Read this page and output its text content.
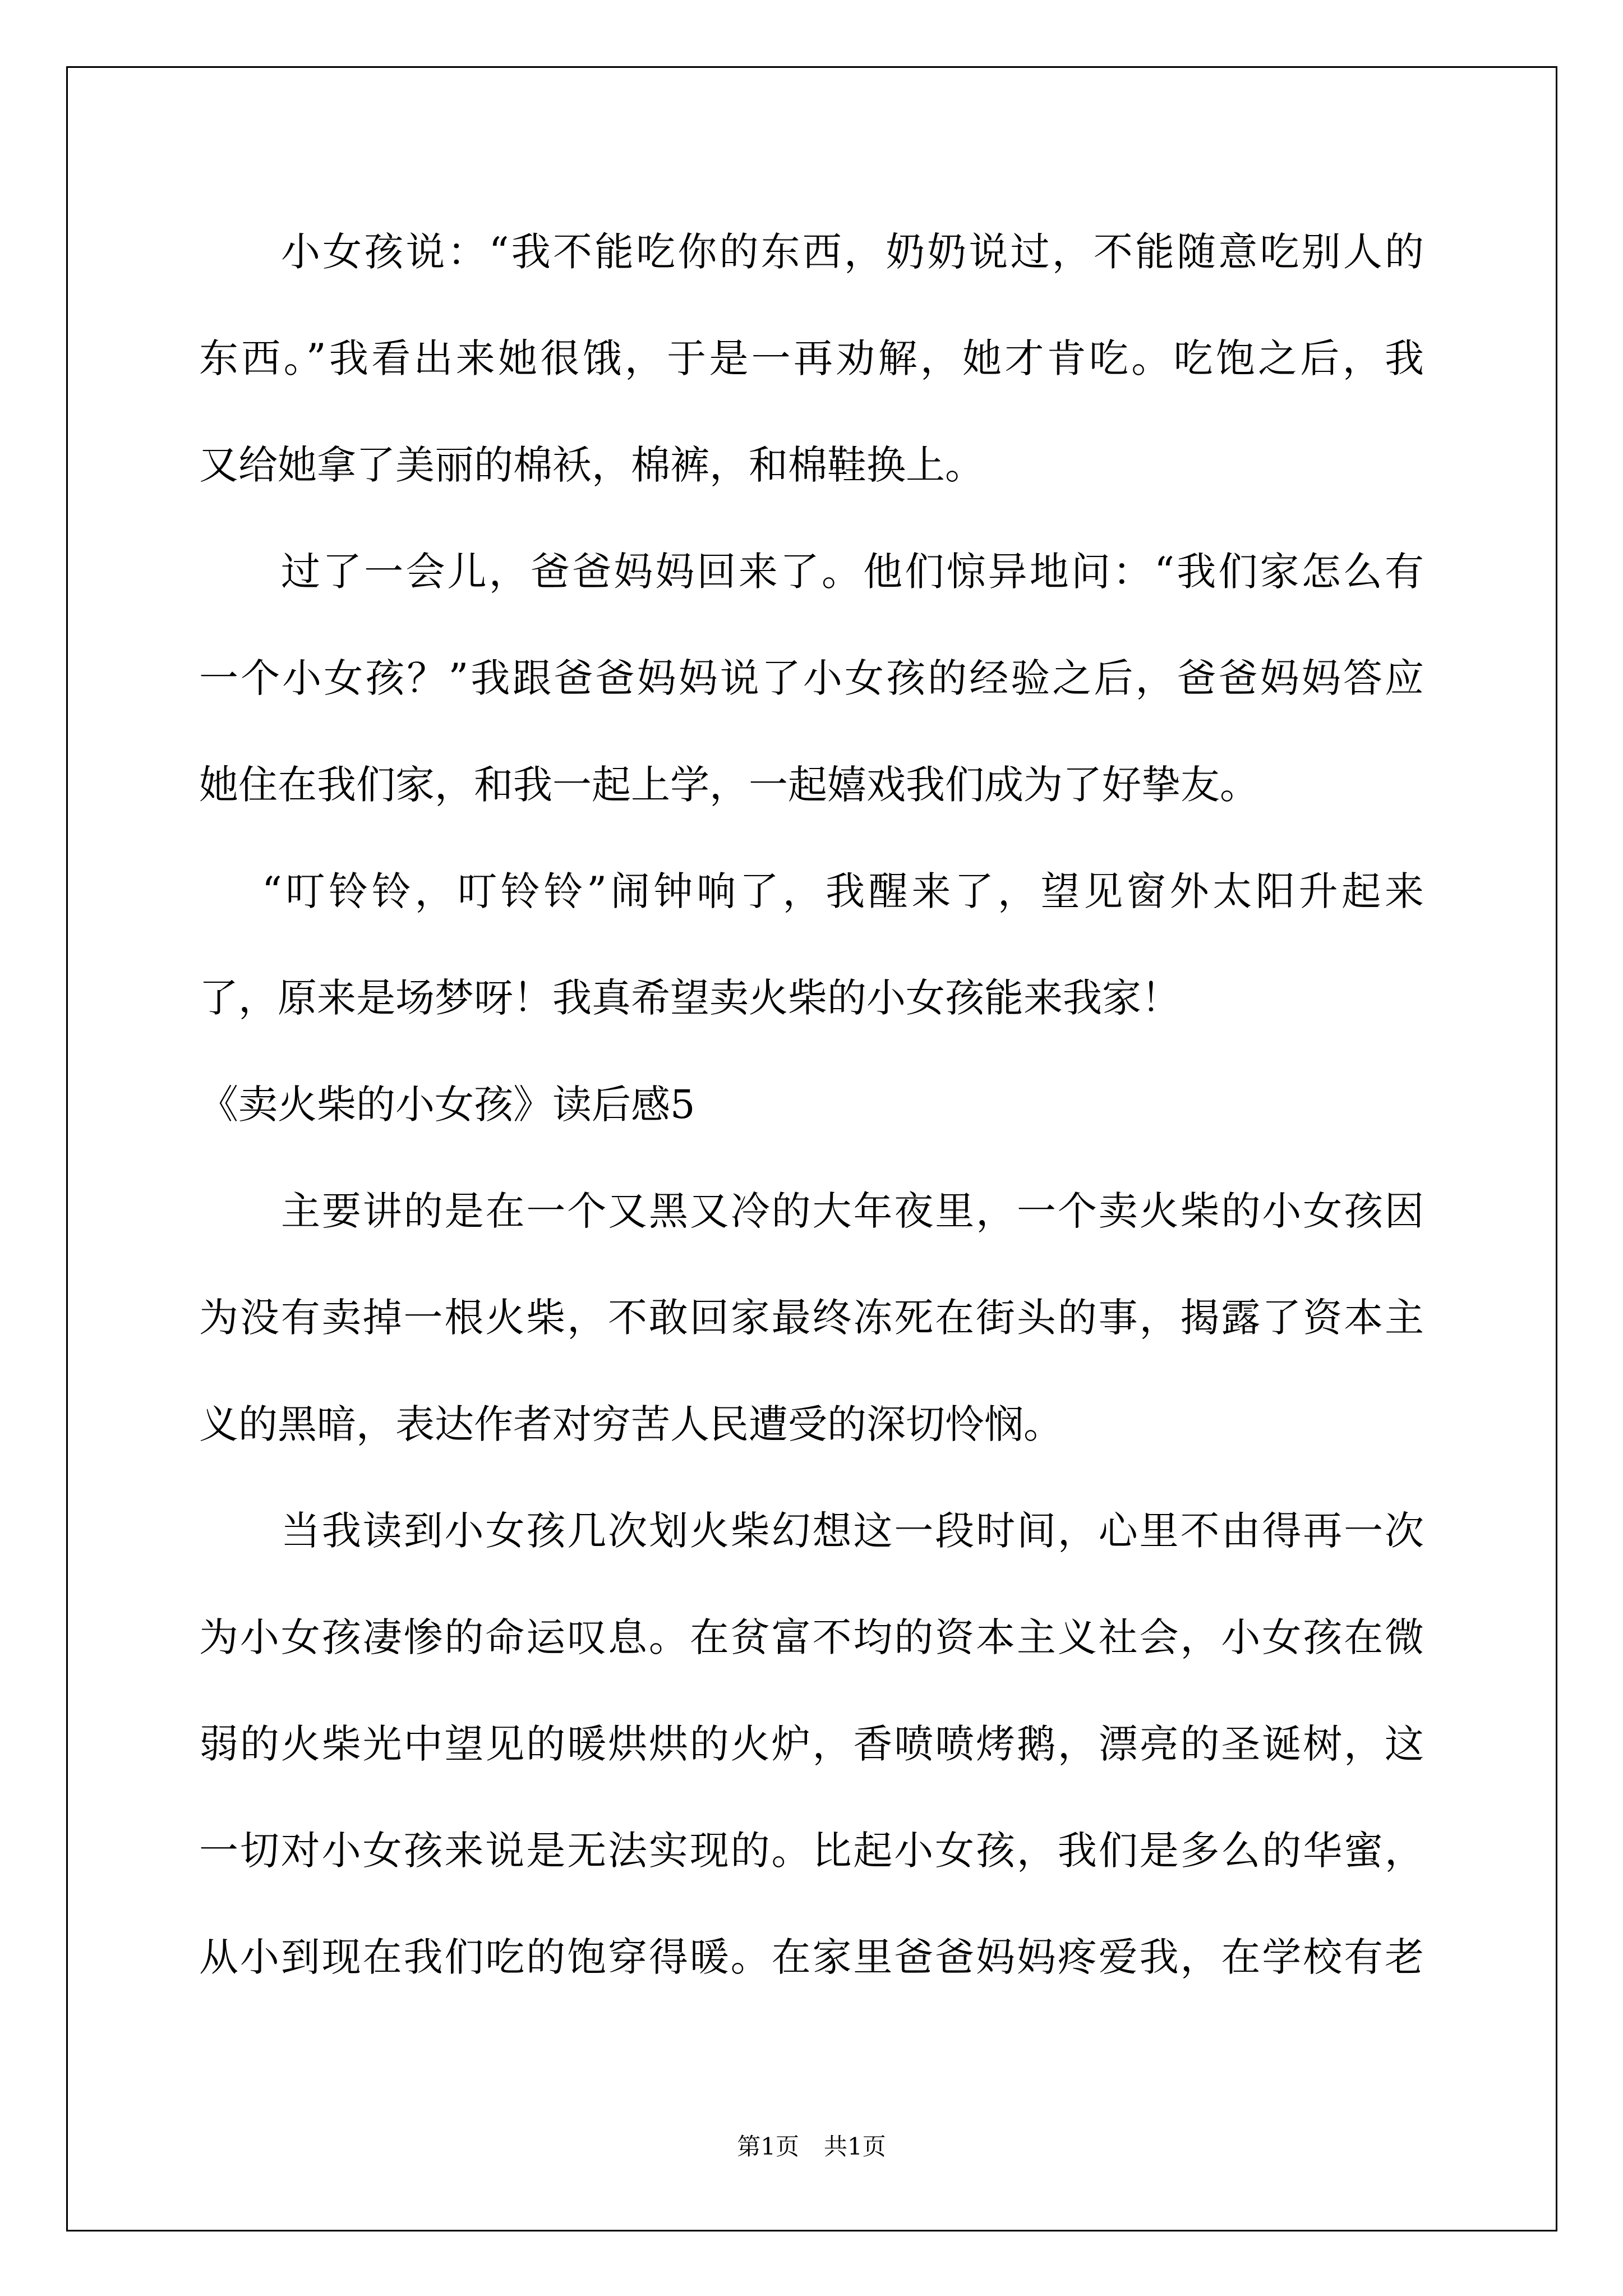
小女孩说：“我不能吃你的东西，奶奶说过，不能随意吃别人的
东西。”我看出来她很饿，于是一再劝解，她才肯吃。吃饱之后，我
又给她拿了美丽的棉袄，棉裤，和棉鞋换上。
过了一会儿，爸爸妈妈回来了。他们惊异地问：“我们家怎么有
一个小女孩？”我跟爸爸妈妈说了小女孩的经验之后，爸爸妈妈答应
她住在我们家，和我一起上学，一起嬉戏我们成为了好挚友。
“叮铃铃，叮铃铃”闹钟响了，我醒来了，望见窗外太阳升起来
了，原来是场梦呀！我真希望卖火柴的小女孩能来我家！
《卖火柴的小女孩》读后感5
主要讲的是在一个又黑又冷的大年夜里，一个卖火柴的小女孩因
为没有卖掉一根火柴，不敢回家最终冻死在街头的事，揭露了资本主
义的黑暗，表达作者对穷苦人民遭受的深切怜悯。
当我读到小女孩几次划火柴幻想这一段时间，心里不由得再一次
为小女孩凄惨的命运叹息。在贫富不均的资本主义社会，小女孩在微
弱的火柴光中望见的暖烘烘的火炉，香喷喷烤鹅，漂亮的圣诞树，这
一切对小女孩来说是无法实现的。比起小女孩，我们是多么的华蜜，
从小到现在我们吃的饱穿得暖。在家里爸爸妈妈疼爱我，在学校有老
第1页 共1页
